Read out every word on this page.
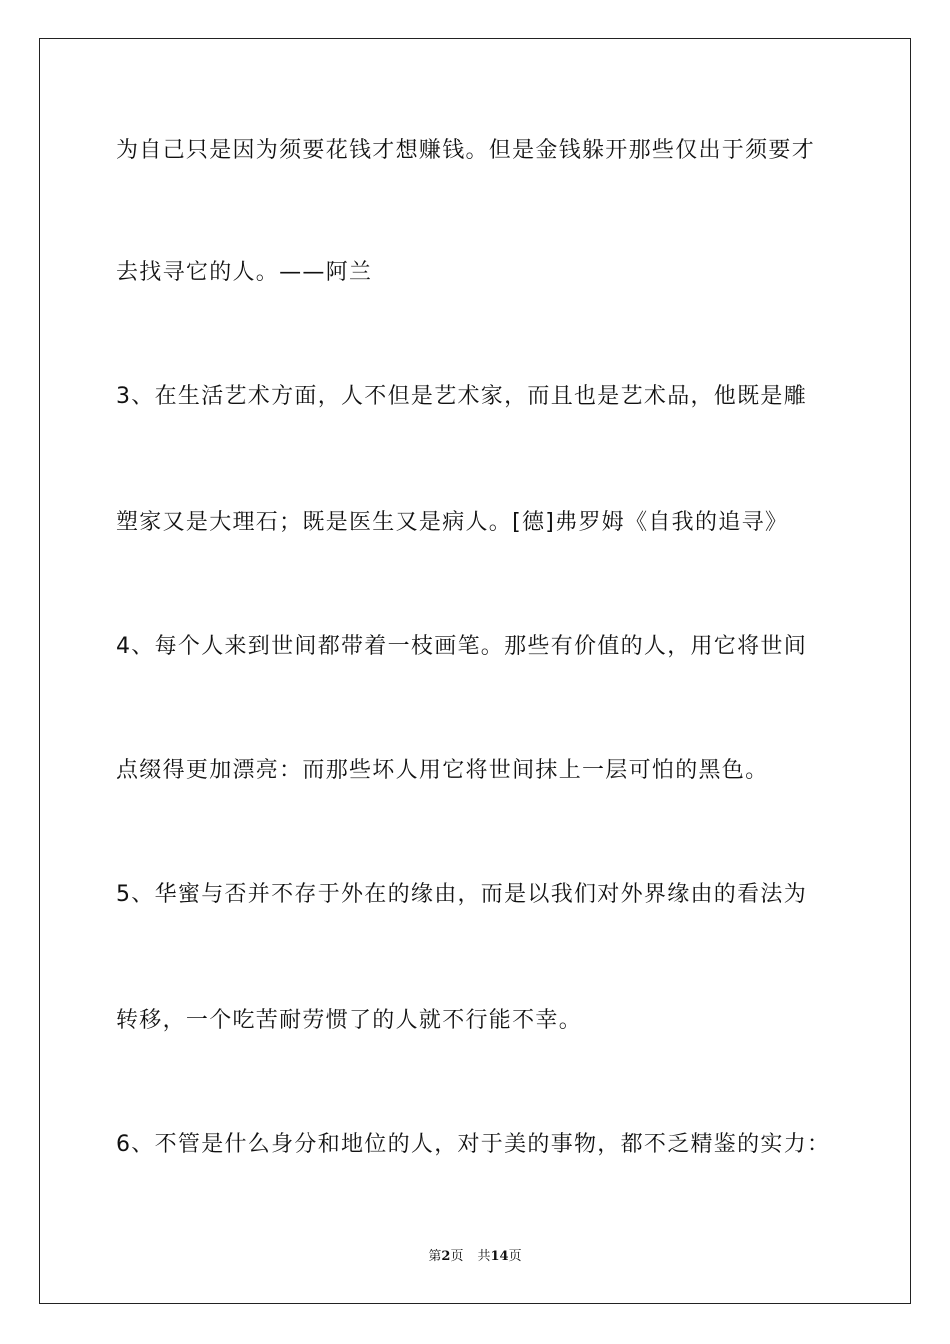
为自己只是因为须要花钱才想赚钱。但是金钱躲开那些仅出于须要才
去找寻它的人。——阿兰
3、在生活艺术方面，人不但是艺术家，而且也是艺术品，他既是雕
塑家又是大理石；既是医生又是病人。[德]弗罗姆《自我的追寻》
4、每个人来到世间都带着一枝画笔。那些有价值的人，用它将世间
点缀得更加漂亮：而那些坏人用它将世间抹上一层可怕的黑色。
5、华蜜与否并不存于外在的缘由，而是以我们对外界缘由的看法为
转移，一个吃苦耐劳惯了的人就不行能不幸。
6、不管是什么身分和地位的人，对于美的事物，都不乏精鉴的实力：
第2页 共14页
